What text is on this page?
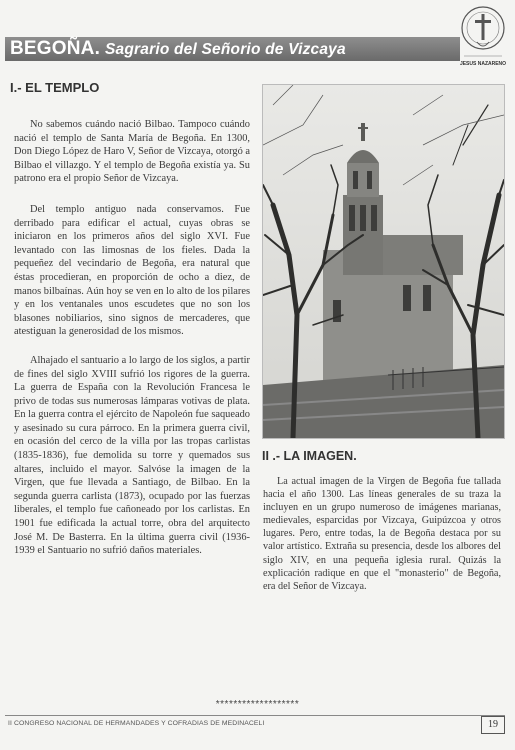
BEGOÑA. Sagrario del Señorio de Vizcaya
JESUS NAZARENO
I.- EL TEMPLO

No sabemos cuándo nació Bilbao. Tampoco cuándo nació el templo de Santa María de Begoña. En 1300, Don Diego López de Haro V, Señor de Vizcaya, otorgó a Bilbao el villazgo. Y el templo de Begoña existía ya. Su patrono era el propio Señor de Vizcaya.

Del templo antiguo nada conservamos. Fue derribado para edificar el actual, cuyas obras se iniciaron en los primeros años del siglo XVI. Fue levantado con las limosnas de los fieles. Dada la pequeñez del vecindario de Begoña, era natural que éstas procedieran, en proporción de ocho a diez, de manos bilbaínas. Aún hoy se ven en lo alto de los pilares y en los ventanales unos escudetes que no son los blasones nobiliarios, sino signos de mercaderes, que atestiguan la generosidad de los mismos.

Alhajado el santuario a lo largo de los siglos, a partir de fines del siglo XVIII sufrió los rigores de la guerra. La guerra de España con la Revolución Francesa le privo de todas sus numerosas lámparas votivas de plata. En la guerra contra el ejército de Napoleón fue saqueado y asesinado su cura párroco. En la primera guerra civil, en ocasión del cerco de la villa por las tropas carlistas (1835-1836), fue demolida su torre y quemados sus altares, incluido el mayor. Salvóse la imagen de la Virgen, que fue llevada a Santiago, de Bilbao. En la segunda guerra carlista (1873), ocupado por las fuerzas liberales, el templo fue cañoneado por los carlistas. En 1901 fue edificada la actual torre, obra del arquitecto José M. De Basterra. En la última guerra civil (1936-1939 el Santuario no sufrió daños materiales.

II .- LA IMAGEN.

La actual imagen de la Virgen de Begoña fue tallada hacia el año 1300. Las líneas generales de su traza la incluyen en un grupo numeroso de imágenes marianas, medievales, esparcidas por Vizcaya, Guipúzcoa y otros lugares. Pero, entre todas, la de Begoña destaca por su valor artístico. Extraña su presencia, desde los albores del siglo XIV, en una pequeña iglesia rural. Quizás la explicación radique en que el "monasterio" de Begoña, era del Señor de Vizcaya.

*******************
II CONGRESO NACIONAL DE HERMANDADES Y COFRADIAS DE MEDINACELI	19
